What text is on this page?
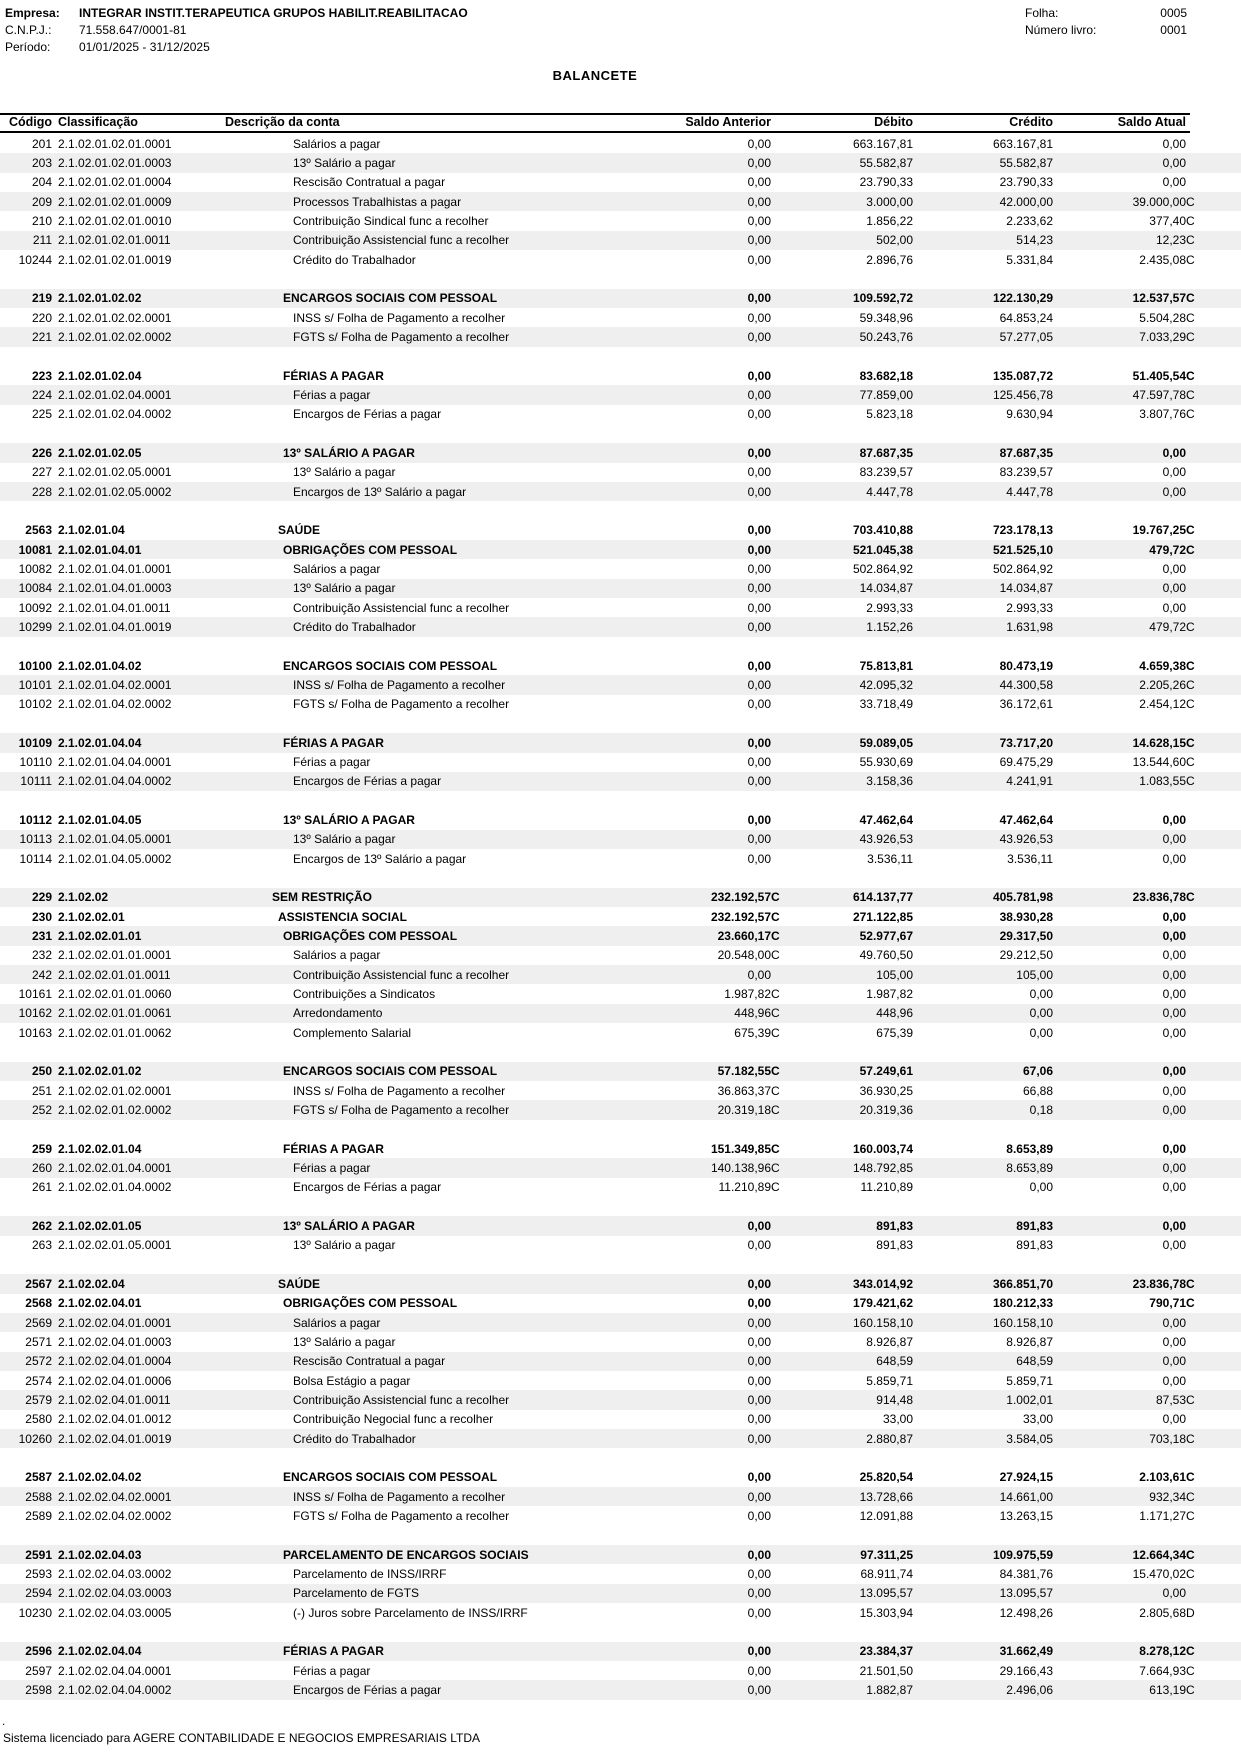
Empresa: INTEGRAR INSTIT.TERAPEUTICA GRUPOS HABILIT.REABILITACAO
C.N.P.J.: 71.558.647/0001-81
Período: 01/01/2025 - 31/12/2025
Folha:	0005
Número livro:	0001
BALANCETE
Código Classificação	Descrição da conta	Saldo Anterior	Débito	Crédito	Saldo Atual
201 2.1.02.01.02.01.0001	Salários a pagar	0,00	663.167,81	663.167,81	0,00
203 2.1.02.01.02.01.0003	13º Salário a pagar	0,00	55.582,87	55.582,87	0,00
204 2.1.02.01.02.01.0004	Rescisão Contratual a pagar	0,00	23.790,33	23.790,33	0,00
209 2.1.02.01.02.01.0009	Processos Trabalhistas a pagar	0,00	3.000,00	42.000,00	39.000,00C
210 2.1.02.01.02.01.0010	Contribuição Sindical func a recolher	0,00	1.856,22	2.233,62	377,40C
211 2.1.02.01.02.01.0011	Contribuição Assistencial func a recolher	0,00	502,00	514,23	12,23C
10244 2.1.02.01.02.01.0019	Crédito do Trabalhador	0,00	2.896,76	5.331,84	2.435,08C
219 2.1.02.01.02.02	ENCARGOS SOCIAIS COM PESSOAL	0,00	109.592,72	122.130,29	12.537,57C
220 2.1.02.01.02.02.0001	INSS s/ Folha de Pagamento a recolher	0,00	59.348,96	64.853,24	5.504,28C
221 2.1.02.01.02.02.0002	FGTS s/ Folha de Pagamento a recolher	0,00	50.243,76	57.277,05	7.033,29C
223 2.1.02.01.02.04	FÉRIAS A PAGAR	0,00	83.682,18	135.087,72	51.405,54C
224 2.1.02.01.02.04.0001	Férias a pagar	0,00	77.859,00	125.456,78	47.597,78C
225 2.1.02.01.02.04.0002	Encargos de Férias a pagar	0,00	5.823,18	9.630,94	3.807,76C
226 2.1.02.01.02.05	13º SALÁRIO A PAGAR	0,00	87.687,35	87.687,35	0,00
227 2.1.02.01.02.05.0001	13º Salário a pagar	0,00	83.239,57	83.239,57	0,00
228 2.1.02.01.02.05.0002	Encargos de 13º Salário a pagar	0,00	4.447,78	4.447,78	0,00
2563 2.1.02.01.04	SAÚDE	0,00	703.410,88	723.178,13	19.767,25C
10081 2.1.02.01.04.01	OBRIGAÇÕES COM PESSOAL	0,00	521.045,38	521.525,10	479,72C
10082 2.1.02.01.04.01.0001	Salários a pagar	0,00	502.864,92	502.864,92	0,00
10084 2.1.02.01.04.01.0003	13º Salário a pagar	0,00	14.034,87	14.034,87	0,00
10092 2.1.02.01.04.01.0011	Contribuição Assistencial func a recolher	0,00	2.993,33	2.993,33	0,00
10299 2.1.02.01.04.01.0019	Crédito do Trabalhador	0,00	1.152,26	1.631,98	479,72C
10100 2.1.02.01.04.02	ENCARGOS SOCIAIS COM PESSOAL	0,00	75.813,81	80.473,19	4.659,38C
10101 2.1.02.01.04.02.0001	INSS s/ Folha de Pagamento a recolher	0,00	42.095,32	44.300,58	2.205,26C
10102 2.1.02.01.04.02.0002	FGTS s/ Folha de Pagamento a recolher	0,00	33.718,49	36.172,61	2.454,12C
10109 2.1.02.01.04.04	FÉRIAS A PAGAR	0,00	59.089,05	73.717,20	14.628,15C
10110 2.1.02.01.04.04.0001	Férias a pagar	0,00	55.930,69	69.475,29	13.544,60C
10111 2.1.02.01.04.04.0002	Encargos de Férias a pagar	0,00	3.158,36	4.241,91	1.083,55C
10112 2.1.02.01.04.05	13º SALÁRIO A PAGAR	0,00	47.462,64	47.462,64	0,00
10113 2.1.02.01.04.05.0001	13º Salário a pagar	0,00	43.926,53	43.926,53	0,00
10114 2.1.02.01.04.05.0002	Encargos de 13º Salário a pagar	0,00	3.536,11	3.536,11	0,00
229 2.1.02.02	SEM RESTRIÇÃO	232.192,57C	614.137,77	405.781,98	23.836,78C
230 2.1.02.02.01	ASSISTENCIA SOCIAL	232.192,57C	271.122,85	38.930,28	0,00
231 2.1.02.02.01.01	OBRIGAÇÕES COM PESSOAL	23.660,17C	52.977,67	29.317,50	0,00
232 2.1.02.02.01.01.0001	Salários a pagar	20.548,00C	49.760,50	29.212,50	0,00
242 2.1.02.02.01.01.0011	Contribuição Assistencial func a recolher	0,00	105,00	105,00	0,00
10161 2.1.02.02.01.01.0060	Contribuições a Sindicatos	1.987,82C	1.987,82	0,00	0,00
10162 2.1.02.02.01.01.0061	Arredondamento	448,96C	448,96	0,00	0,00
10163 2.1.02.02.01.01.0062	Complemento Salarial	675,39C	675,39	0,00	0,00
250 2.1.02.02.01.02	ENCARGOS SOCIAIS COM PESSOAL	57.182,55C	57.249,61	67,06	0,00
251 2.1.02.02.01.02.0001	INSS s/ Folha de Pagamento a recolher	36.863,37C	36.930,25	66,88	0,00
252 2.1.02.02.01.02.0002	FGTS s/ Folha de Pagamento a recolher	20.319,18C	20.319,36	0,18	0,00
259 2.1.02.02.01.04	FÉRIAS A PAGAR	151.349,85C	160.003,74	8.653,89	0,00
260 2.1.02.02.01.04.0001	Férias a pagar	140.138,96C	148.792,85	8.653,89	0,00
261 2.1.02.02.01.04.0002	Encargos de Férias a pagar	11.210,89C	11.210,89	0,00	0,00
262 2.1.02.02.01.05	13º SALÁRIO A PAGAR	0,00	891,83	891,83	0,00
263 2.1.02.02.01.05.0001	13º Salário a pagar	0,00	891,83	891,83	0,00
2567 2.1.02.02.04	SAÚDE	0,00	343.014,92	366.851,70	23.836,78C
2568 2.1.02.02.04.01	OBRIGAÇÕES COM PESSOAL	0,00	179.421,62	180.212,33	790,71C
2569 2.1.02.02.04.01.0001	Salários a pagar	0,00	160.158,10	160.158,10	0,00
2571 2.1.02.02.04.01.0003	13º Salário a pagar	0,00	8.926,87	8.926,87	0,00
2572 2.1.02.02.04.01.0004	Rescisão Contratual a pagar	0,00	648,59	648,59	0,00
2574 2.1.02.02.04.01.0006	Bolsa Estágio a pagar	0,00	5.859,71	5.859,71	0,00
2579 2.1.02.02.04.01.0011	Contribuição Assistencial func a recolher	0,00	914,48	1.002,01	87,53C
2580 2.1.02.02.04.01.0012	Contribuição Negocial func a recolher	0,00	33,00	33,00	0,00
10260 2.1.02.02.04.01.0019	Crédito do Trabalhador	0,00	2.880,87	3.584,05	703,18C
2587 2.1.02.02.04.02	ENCARGOS SOCIAIS COM PESSOAL	0,00	25.820,54	27.924,15	2.103,61C
2588 2.1.02.02.04.02.0001	INSS s/ Folha de Pagamento a recolher	0,00	13.728,66	14.661,00	932,34C
2589 2.1.02.02.04.02.0002	FGTS s/ Folha de Pagamento a recolher	0,00	12.091,88	13.263,15	1.171,27C
2591 2.1.02.02.04.03	PARCELAMENTO DE ENCARGOS SOCIAIS	0,00	97.311,25	109.975,59	12.664,34C
2593 2.1.02.02.04.03.0002	Parcelamento de INSS/IRRF	0,00	68.911,74	84.381,76	15.470,02C
2594 2.1.02.02.04.03.0003	Parcelamento de FGTS	0,00	13.095,57	13.095,57	0,00
10230 2.1.02.02.04.03.0005	(-) Juros sobre Parcelamento de INSS/IRRF	0,00	15.303,94	12.498,26	2.805,68D
2596 2.1.02.02.04.04	FÉRIAS A PAGAR	0,00	23.384,37	31.662,49	8.278,12C
2597 2.1.02.02.04.04.0001	Férias a pagar	0,00	21.501,50	29.166,43	7.664,93C
2598 2.1.02.02.04.04.0002	Encargos de Férias a pagar	0,00	1.882,87	2.496,06	613,19C
.
Sistema licenciado para AGERE CONTABILIDADE E NEGOCIOS EMPRESARIAIS LTDA
